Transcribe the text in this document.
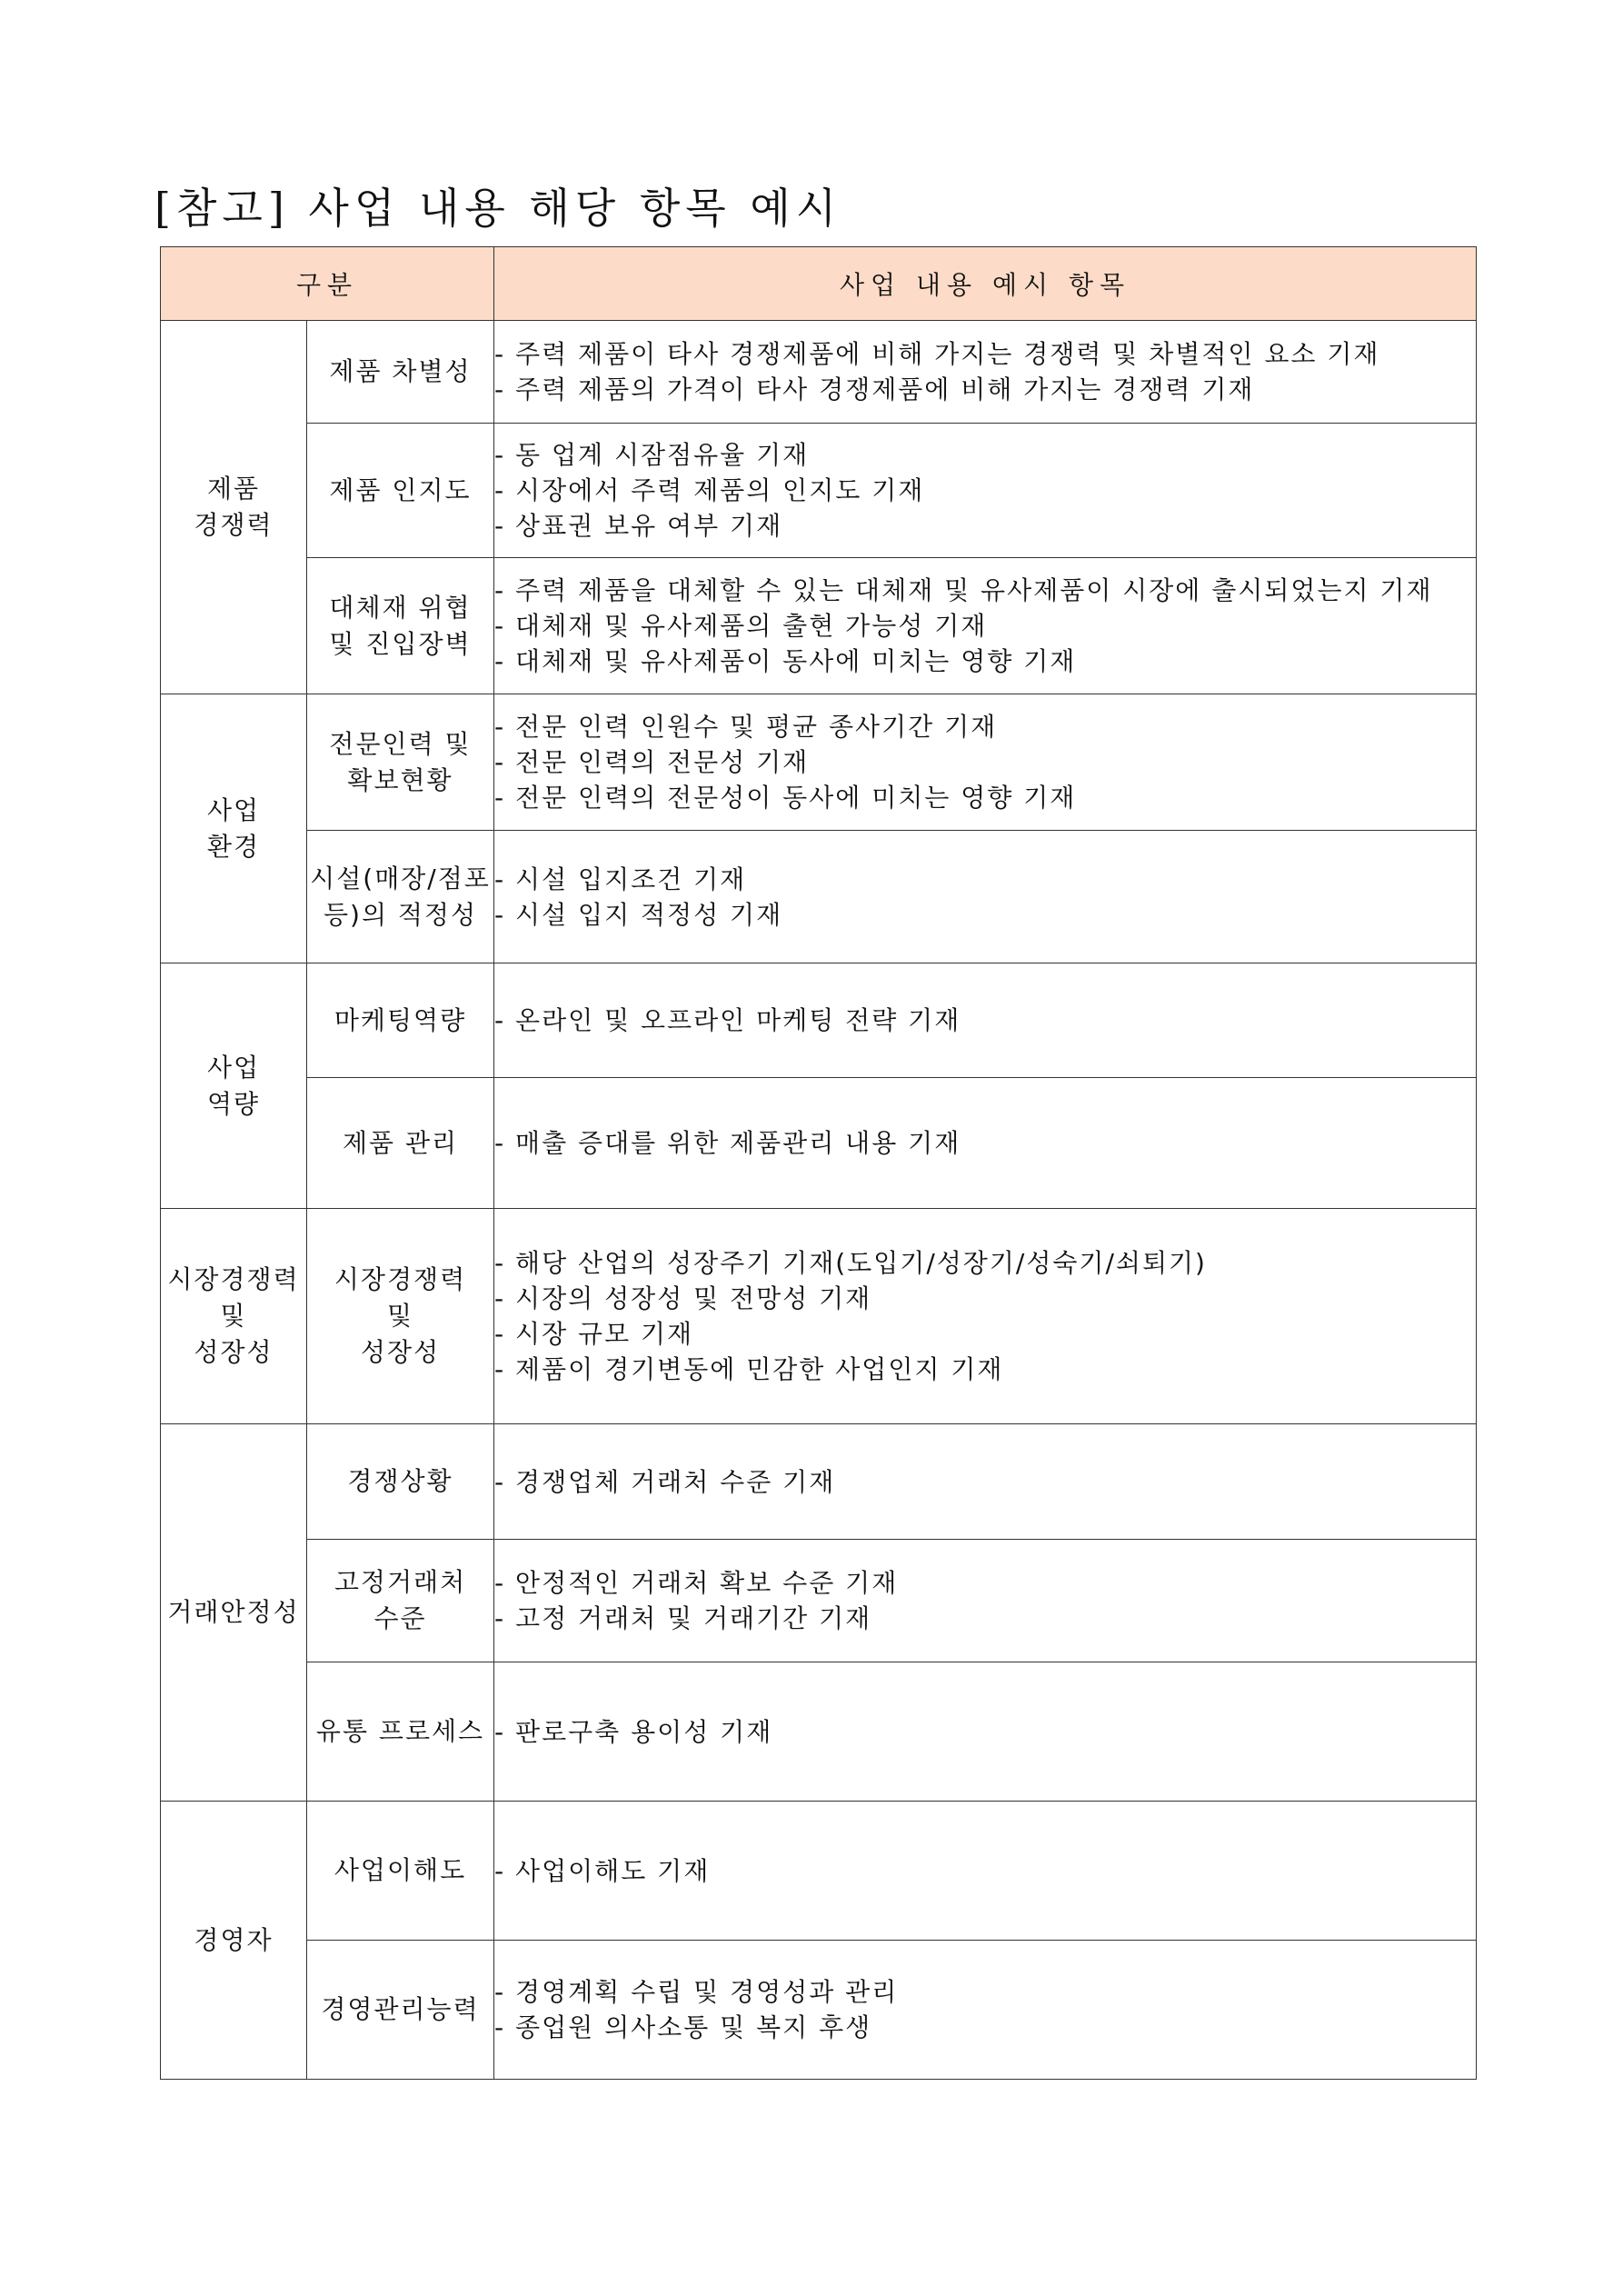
[참고] 사업 내용 해당 항목 예시
구분		사업 내용 예시 항목

제품
경쟁력	제품 차별성	- 주력 제품이 타사 경쟁제품에 비해 가지는 경쟁력 및 차별적인 요소 기재
- 주력 제품의 가격이 타사 경쟁제품에 비해 가지는 경쟁력 기재

	제품 인지도	- 동 업계 시잠점유율 기재
- 시장에서 주력 제품의 인지도 기재
- 상표권 보유 여부 기재

	대체재 위협
및 진입장벽	- 주력 제품을 대체할 수 있는 대체재 및 유사제품이 시장에 출시되었는지 기재
- 대체재 및 유사제품의 출현 가능성 기재
- 대체재 및 유사제품이 동사에 미치는 영향 기재

사업
환경	전문인력 및
확보현황	- 전문 인력 인원수 및 평균 종사기간 기재
- 전문 인력의 전문성 기재
- 전문 인력의 전문성이 동사에 미치는 영향 기재

	시설(매장/점포
등)의 적정성	- 시설 입지조건 기재
- 시설 입지 적정성 기재

사업
역량	마케팅역량	- 온라인 및 오프라인 마케팅 전략 기재

	제품 관리	- 매출 증대를 위한 제품관리 내용 기재

시장경쟁력
및
성장성	시장경쟁력
및
성장성	- 해당 산업의 성장주기 기재(도입기/성장기/성숙기/쇠퇴기)
- 시장의 성장성 및 전망성 기재
- 시장 규모 기재
- 제품이 경기변동에 민감한 사업인지 기재

거래안정성	경쟁상황	- 경쟁업체 거래처 수준 기재

	고정거래처
수준	- 안정적인 거래처 확보 수준 기재
- 고정 거래처 및 거래기간 기재

	유통 프로세스	- 판로구축 용이성 기재

경영자	사업이해도	- 사업이해도 기재

	경영관리능력	- 경영계획 수립 및 경영성과 관리
- 종업원 의사소통 및 복지 후생
